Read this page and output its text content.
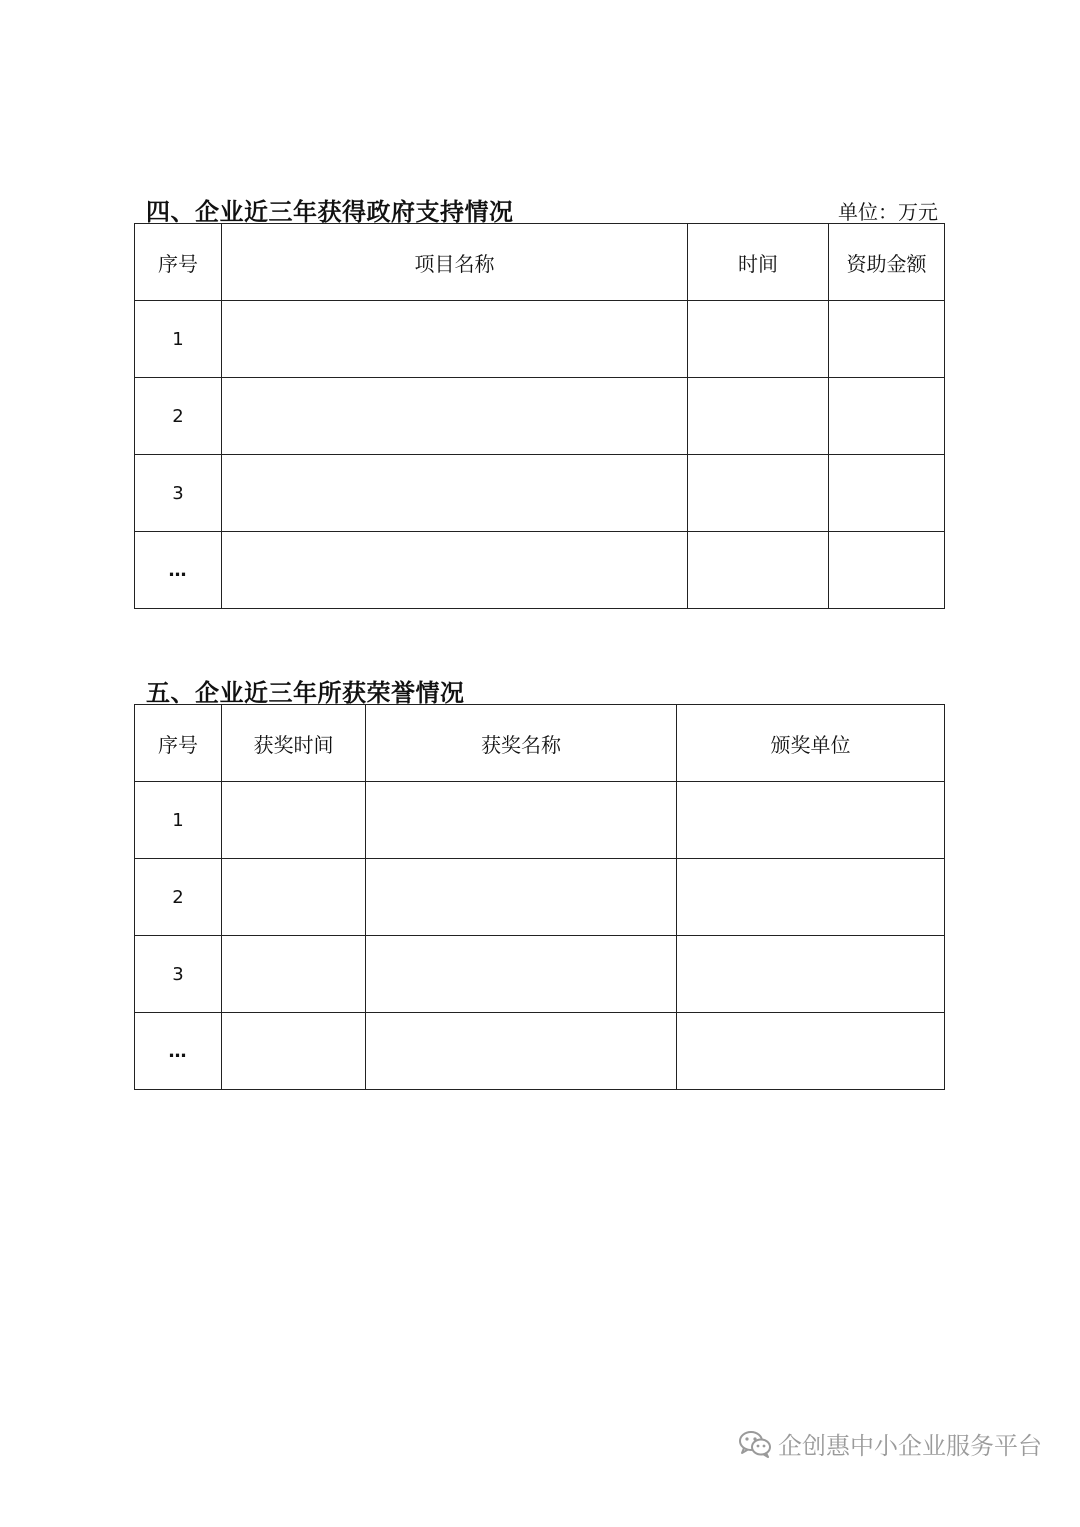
四、企业近三年获得政府支持情况	单位：万元
序号	项目名称	时间	资助金额
1			
2			
3			
…			
五、企业近三年所获荣誉情况
序号	获奖时间	获奖名称	颁奖单位
1			
2			
3			
…			
企创惠中小企业服务平台
